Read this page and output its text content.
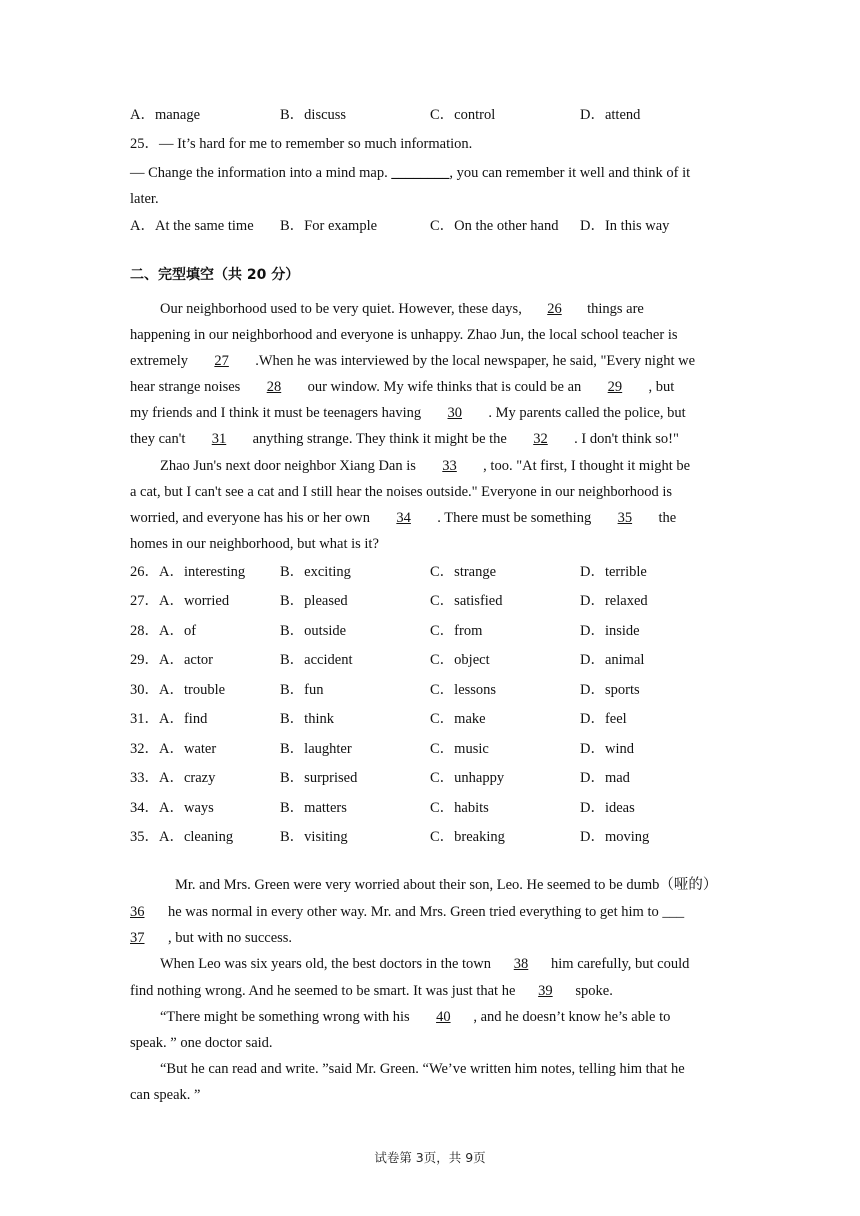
A．manage	B．discuss	C．control	D．attend
25．— It’s hard for me to remember so much information.
— Change the information into a mind map. ________, you can remember it well and think of it
later.
A．At the same time B．For example	C．On the other hand D．In this way
二、完型填空（共 20 分）
Our neighborhood used to be very quiet. However, these days, 26 things are
happening in our neighborhood and everyone is unhappy. Zhao Jun, the local school teacher is
extremely 27 .When he was interviewed by the local newspaper, he said, "Every night we
hear strange noises 28 our window. My wife thinks that is could be an 29 , but
my friends and I think it must be teenagers having 30 . My parents called the police, but
they can't 31 anything strange. They think it might be the 32 . I don't think so!"
Zhao Jun's next door neighbor Xiang Dan is 33 , too. "At first, I thought it might be
a cat, but I can't see a cat and I still hear the noises outside." Everyone in our neighborhood is
worried, and everyone has his or her own 34 . There must be something 35 the
homes in our neighborhood, but what is it?
26．A．interesting B．exciting	C．strange	D．terrible
27．A．worried	B．pleased	C．satisfied	D．relaxed
28．A．of	B．outside	C．from	D．inside
29．A．actor	B．accident	C．object	D．animal
30．A．trouble	B．fun	C．lessons	D．sports
31．A．find	B．think	C．make	D．feel
32．A．water	B．laughter	C．music	D．wind
33．A．crazy	B．surprised	C．unhappy	D．mad
34．A．ways	B．matters	C．habits	D．ideas
35．A．cleaning	B．visiting	C．breaking	D．moving
Mr. and Mrs. Green were very worried about their son, Leo. He seemed to be dumb（哑的）
36 he was normal in every other way. Mr. and Mrs. Green tried everything to get him to ___
37 , but with no success.
When Leo was six years old, the best doctors in the town 38 him carefully, but could
find nothing wrong. And he seemed to be smart. It was just that he 39 spoke.
“There might be something wrong with his 40 , and he doesn’t know he’s able to
speak. ” one doctor said.
“But he can read and write. ”said Mr. Green. “We’ve written him notes, telling him that he
can speak. ”
试卷第 3页，共 9页
